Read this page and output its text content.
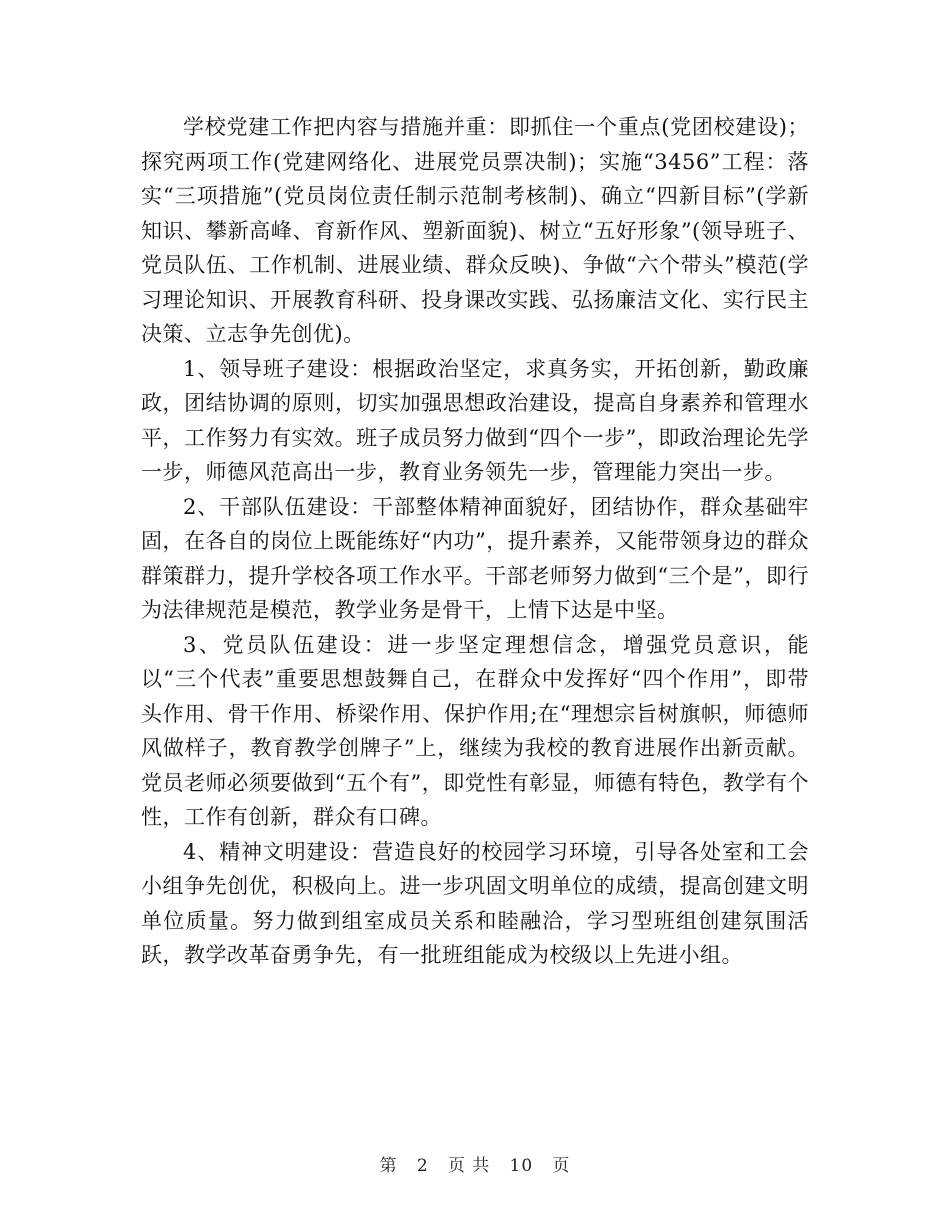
学校党建工作把内容与措施并重：即抓住一个重点(党团校建设)；探究两项工作(党建网络化、进展党员票决制)；实施“3456”工程：落实“三项措施”(党员岗位责任制示范制考核制)、确立“四新目标”(学新知识、攀新高峰、育新作风、塑新面貌)、树立“五好形象”(领导班子、党员队伍、工作机制、进展业绩、群众反映)、争做“六个带头”模范(学习理论知识、开展教育科研、投身课改实践、弘扬廉洁文化、实行民主决策、立志争先创优)。

1、领导班子建设：根据政治坚定，求真务实，开拓创新，勤政廉政，团结协调的原则，切实加强思想政治建设，提高自身素养和管理水平，工作努力有实效。班子成员努力做到“四个一步”，即政治理论先学一步，师德风范高出一步，教育业务领先一步，管理能力突出一步。

2、干部队伍建设：干部整体精神面貌好，团结协作，群众基础牢固，在各自的岗位上既能练好“内功”，提升素养，又能带领身边的群众群策群力，提升学校各项工作水平。干部老师努力做到“三个是”，即行为法律规范是模范，教学业务是骨干，上情下达是中坚。

3、党员队伍建设：进一步坚定理想信念，增强党员意识，能以“三个代表”重要思想鼓舞自己，在群众中发挥好“四个作用”，即带头作用、骨干作用、桥梁作用、保护作用;在“理想宗旨树旗帜，师德师风做样子，教育教学创牌子”上，继续为我校的教育进展作出新贡献。党员老师必须要做到“五个有”，即党性有彰显，师德有特色，教学有个性，工作有创新，群众有口碑。

4、精神文明建设：营造良好的校园学习环境，引导各处室和工会小组争先创优，积极向上。进一步巩固文明单位的成绩，提高创建文明单位质量。努力做到组室成员关系和睦融洽，学习型班组创建氛围活跃，教学改革奋勇争先，有一批班组能成为校级以上先进小组。

第 2 页 共 10 页
